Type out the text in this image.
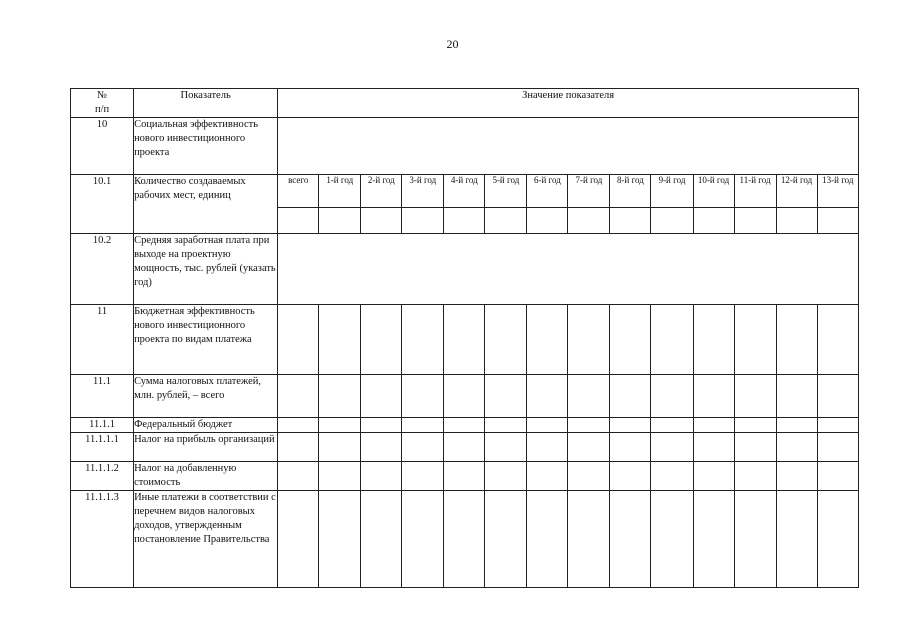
20
№
п/п	Показатель	Значение показателя													
10	Социальная эффективность нового инвестиционного проекта														
10.1	Количество создаваемых рабочих мест, единиц	всего	1-й год	2-й год	3-й год	4-й год	5-й год	6-й год	7-й год	8-й год	9-й год	10-й год	11-й год	12-й год	13-й год

10.2	Средняя заработная плата при выходе на проектную мощность, тыс. рублей (указать год)														
11	Бюджетная эффективность нового инвестиционного проекта по видам платежа														
11.1	Сумма налоговых платежей, млн. рублей, – всего														
11.1.1	Федеральный бюджет														
11.1.1.1	Налог на прибыль организаций														
11.1.1.2	Налог на добавленную стоимость														
11.1.1.3	Иные платежи в соответствии с перечнем видов налоговых доходов, утвержденным постановление Правительства														
